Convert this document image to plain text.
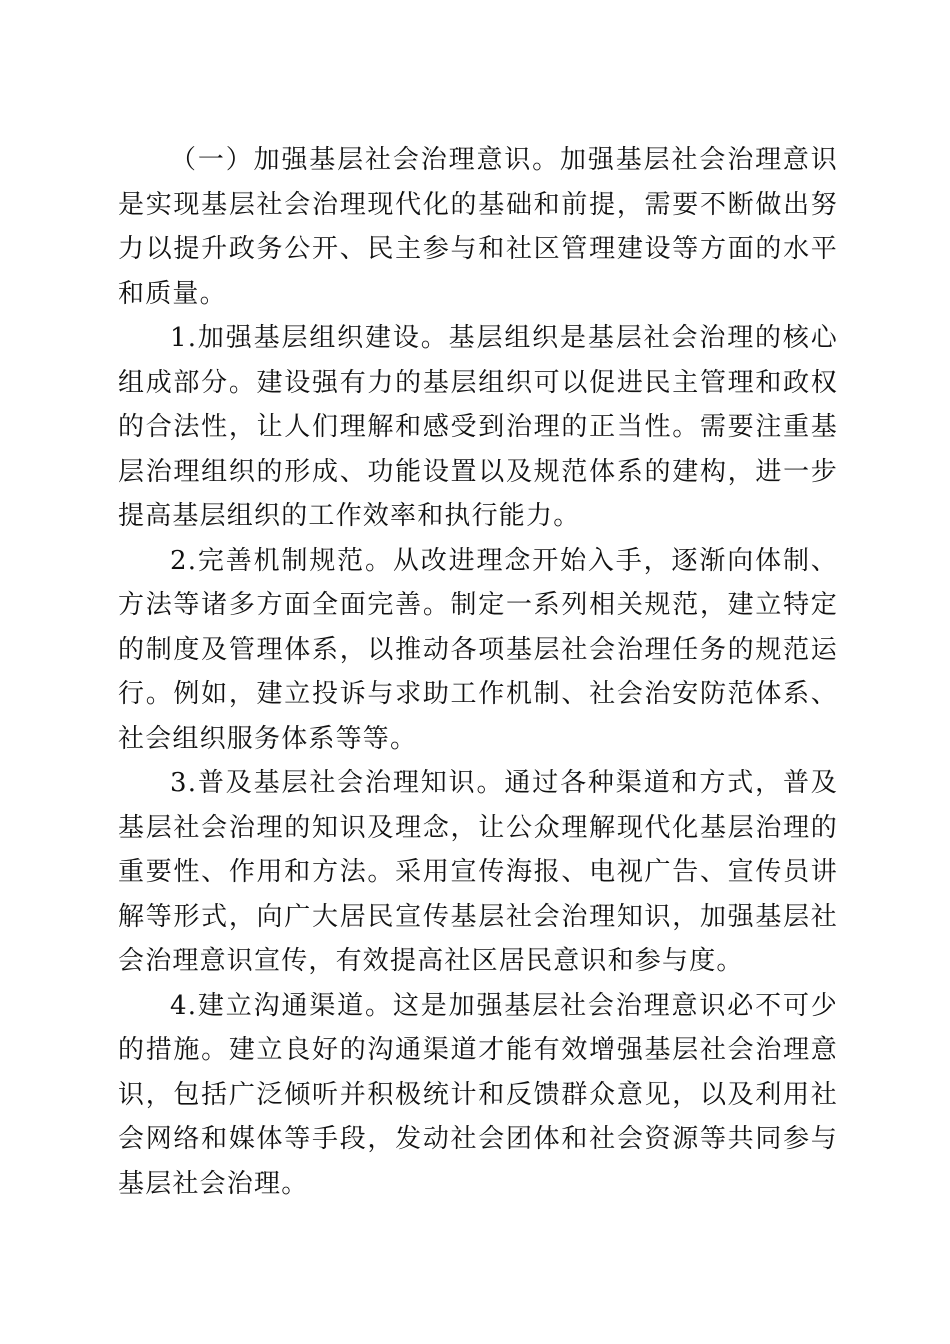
（一）加强基层社会治理意识。加强基层社会治理意识是实现基层社会治理现代化的基础和前提，需要不断做出努力以提升政务公开、民主参与和社区管理建设等方面的水平和质量。

1.加强基层组织建设。基层组织是基层社会治理的核心组成部分。建设强有力的基层组织可以促进民主管理和政权的合法性，让人们理解和感受到治理的正当性。需要注重基层治理组织的形成、功能设置以及规范体系的建构，进一步提高基层组织的工作效率和执行能力。

2.完善机制规范。从改进理念开始入手，逐渐向体制、方法等诸多方面全面完善。制定一系列相关规范，建立特定的制度及管理体系，以推动各项基层社会治理任务的规范运行。例如，建立投诉与求助工作机制、社会治安防范体系、社会组织服务体系等等。

3.普及基层社会治理知识。通过各种渠道和方式，普及基层社会治理的知识及理念，让公众理解现代化基层治理的重要性、作用和方法。采用宣传海报、电视广告、宣传员讲解等形式，向广大居民宣传基层社会治理知识，加强基层社会治理意识宣传，有效提高社区居民意识和参与度。

4.建立沟通渠道。这是加强基层社会治理意识必不可少的措施。建立良好的沟通渠道才能有效增强基层社会治理意识，包括广泛倾听并积极统计和反馈群众意见，以及利用社会网络和媒体等手段，发动社会团体和社会资源等共同参与基层社会治理。
